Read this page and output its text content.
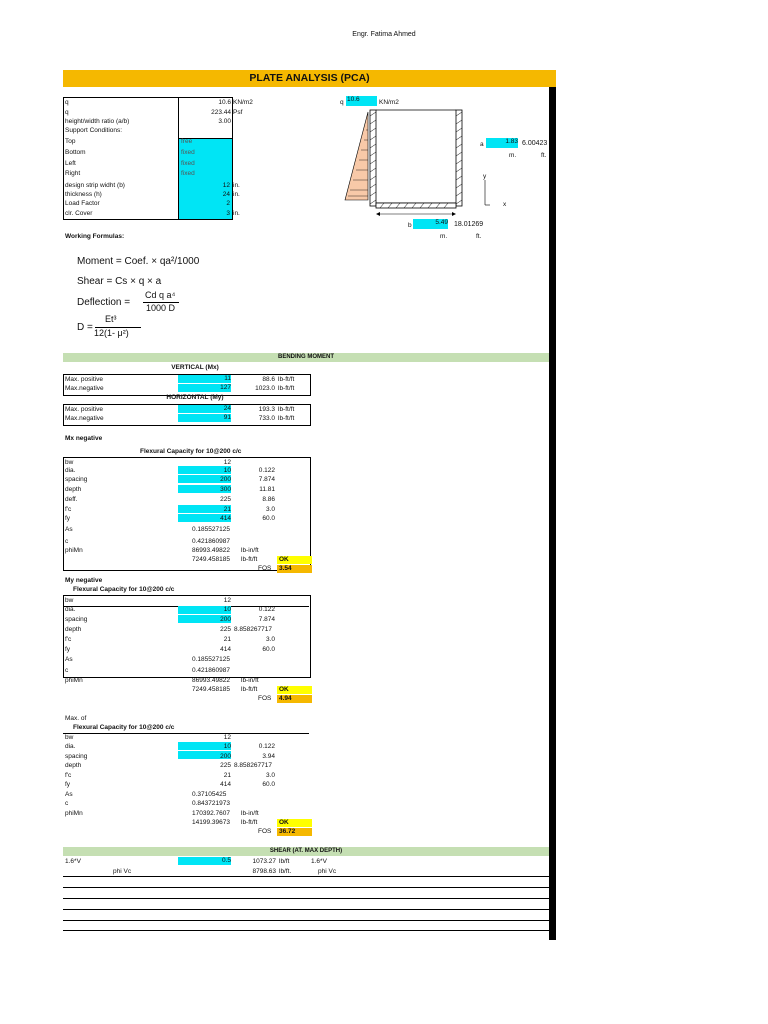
Engr. Fatima Ahmed
PLATE ANALYSIS (PCA)
q	10.6 KN/m2
q	223.44 Psf
height/width ratio (a/b)	3.00
Support Conditions:
Top	free
Bottom	fixed
Left	fixed
Right	fixed
design strip widht (b)	12 in.
thickness (h)	24 in.
Load Factor	2
clr. Cover	3 in.
q 10.6	KN/m2
a	1.83 6.00423
m.	ft.
y
x
b	5.49 18.01269
m.	ft.
Working Formulas:
Moment = Coef. × qa²/1000
Shear = Cs × q × a
Deflection =
Cd q a⁴
1000 D
D =
Et³
12(1- μ²)
BENDING MOMENT
VERTICAL (Mx)
Max. positive	11	88.6 lb-ft/ft
Max.negative	127	1023.0 lb-ft/ft
HORIZONTAL (My)
Max. positive	24	193.3 lb-ft/ft
Max.negative	91	733.0 lb-ft/ft
Mx negative
Flexural Capacity for 10@200 c/c
bw	12
dia.	10	0.122
spacing	200	7.874
depth	300	11.81
deff.	225	8.86
f'c	21	3.0
fy	414	60.0
As	0.185527125
c	0.421860987
phiMn	86993.49822 lb-in/ft
7249.458185 lb-ft/ft	OK
FOS	3.54
My negative
Flexural Capacity for 10@200 c/c
bw	12
dia.	10	0.122
spacing	200	7.874
depth	225 8.858267717
f'c	21	3.0
fy	414	60.0
As	0.185527125
c	0.421860987
phiMn	86993.49822 lb-in/ft
7249.458185 lb-ft/ft	OK
FOS	4.94
Max. of
Flexural Capacity for 10@200 c/c
bw	12
dia.	10	0.122
spacing	200	3.94
depth	225 8.858267717
f'c	21	3.0
fy	414	60.0
As	0.37105425
c	0.843721973
phiMn	170392.7607 lb-in/ft
14199.39673 lb-ft/ft	OK
FOS	36.72
SHEAR (AT. MAX DEPTH)
1.6*V	0.5	1073.27 lb/ft	1.6*V
phi Vc	8798.63 lb/ft.	phi Vc
